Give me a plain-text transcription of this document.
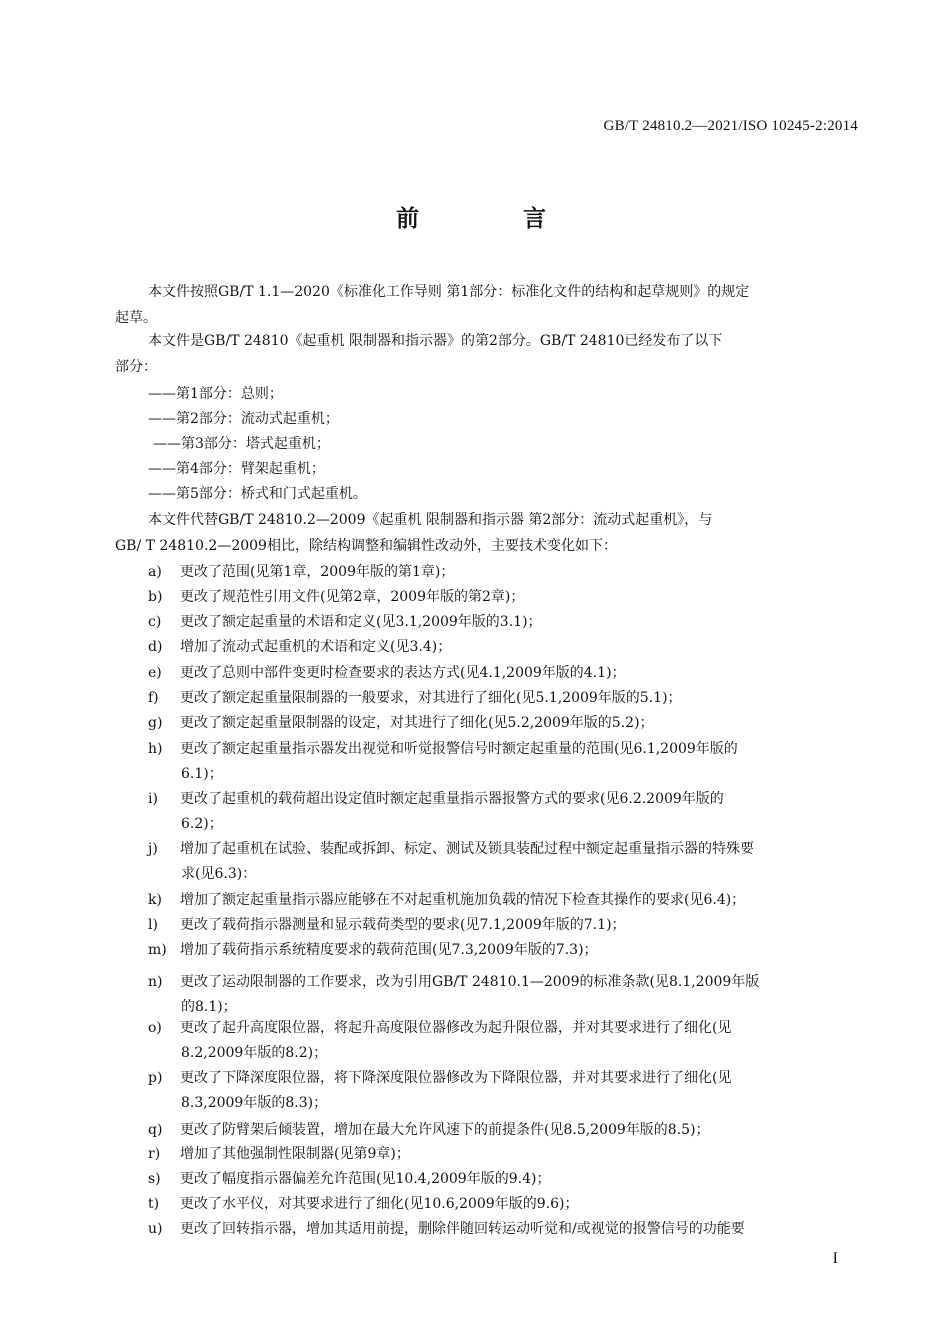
GB/T 24810.2—2021/ISO 10245-2:2014
前 言
本文件按照GB/T 1.1—2020《标准化工作导则 第1部分：标准化文件的结构和起草规则》的规定
起草。
本文件是GB/T 24810《起重机 限制器和指示器》的第2部分。GB/T 24810已经发布了以下
部分：
——第1部分：总则；
——第2部分：流动式起重机；
——第3部分：塔式起重机；
——第4部分：臂架起重机；
——第5部分：桥式和门式起重机。
本文件代替GB/T 24810.2—2009《起重机 限制器和指示器 第2部分：流动式起重机》，与
GB/ T 24810.2—2009相比，除结构调整和编辑性改动外，主要技术变化如下：
a) 更改了范围(见第1章，2009年版的第1章)；
b) 更改了规范性引用文件(见第2章，2009年版的第2章)；
c) 更改了额定起重量的术语和定义(见3.1,2009年版的3.1)；
d) 增加了流动式起重机的术语和定义(见3.4)；
e) 更改了总则中部件变更时检查要求的表达方式(见4.1,2009年版的4.1)；
f) 更改了额定起重量限制器的一般要求，对其进行了细化(见5.1,2009年版的5.1)；
g) 更改了额定起重量限制器的设定，对其进行了细化(见5.2,2009年版的5.2)；
h) 更改了额定起重量指示器发出视觉和听觉报警信号时额定起重量的范围(见6.1,2009年版的
6.1)；
i) 更改了起重机的载荷超出设定值时额定起重量指示器报警方式的要求(见6.2.2009年版的
6.2)；
j) 增加了起重机在试验、装配或拆卸、标定、测试及锁具装配过程中额定起重量指示器的特殊要
求(见6.3)：
k) 增加了额定起重量指示器应能够在不对起重机施加负载的情况下检查其操作的要求(见6.4)；
l) 更改了载荷指示器测量和显示载荷类型的要求(见7.1,2009年版的7.1)；
m) 增加了载荷指示系统精度要求的载荷范围(见7.3,2009年版的7.3)；
n) 更改了运动限制器的工作要求，改为引用GB/T 24810.1—2009的标准条款(见8.1,2009年版
的8.1)；
o) 更改了起升高度限位器，将起升高度限位器修改为起升限位器，并对其要求进行了细化(见
8.2,2009年版的8.2)；
p) 更改了下降深度限位器，将下降深度限位器修改为下降限位器，并对其要求进行了细化(见
8.3,2009年版的8.3)；
q) 更改了防臂架后倾装置，增加在最大允许风速下的前提条件(见8.5,2009年版的8.5)；
r) 增加了其他强制性限制器(见第9章)；
s) 更改了幅度指示器偏差允许范围(见10.4,2009年版的9.4)；
t) 更改了水平仪，对其要求进行了细化(见10.6,2009年版的9.6)；
u) 更改了回转指示器，增加其适用前提，删除伴随回转运动听觉和/或视觉的报警信号的功能要
I
